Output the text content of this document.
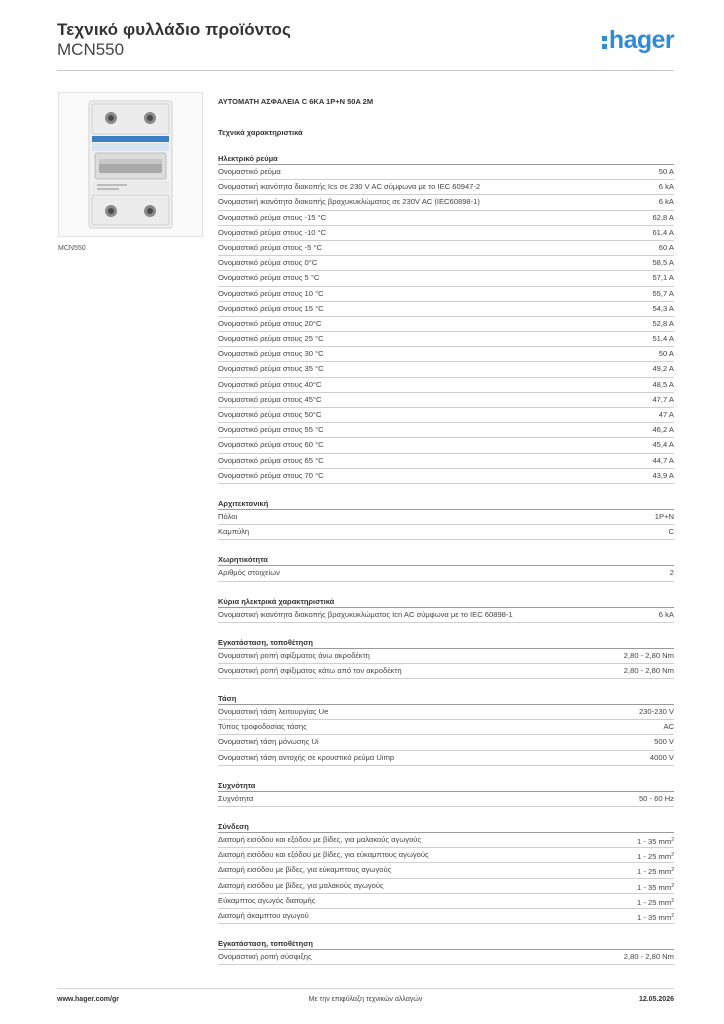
Τεχνικό φυλλάδιο προϊόντος
MCN550	hager
MCN550
ΑΥΤΟΜΑΤΗ ΑΣΦΑΛΕΙΑ C 6KA 1P+N 50A 2M
Τεχνικά χαρακτηριστικά
Ηλεκτρικό ρεύμα
Ονομαστικό ρεύμα	50 A
Ονομαστική ικανότητα διακοπής Ics σε 230 V AC σύμφωνα με το IEC 60947-2	6 kA
Ονομαστική ικανότητα διακοπής βραχυκυκλώματος σε 230V AC (IEC60898-1)	6 kA
Ονομαστικό ρεύμα στους -15 °C	62,8 A
Ονομαστικό ρεύμα στους -10 °C	61,4 A
Ονομαστικό ρεύμα στους -5 °C	60 A
Ονομαστικό ρεύμα στους 0°C	58,5 A
Ονομαστικό ρεύμα στους 5 °C	57,1 A
Ονομαστικό ρεύμα στους 10 °C	55,7 A
Ονομαστικό ρεύμα στους 15 °C	54,3 A
Ονομαστικό ρεύμα στους 20°C	52,8 A
Ονομαστικό ρεύμα στους 25 °C	51,4 A
Ονομαστικό ρεύμα στους 30 °C	50 A
Ονομαστικό ρεύμα στους 35 °C	49,2 A
Ονομαστικό ρεύμα στους 40°C	48,5 A
Ονομαστικό ρεύμα στους 45°C	47,7 A
Ονομαστικό ρεύμα στους 50°C	47 A
Ονομαστικό ρεύμα στους 55 °C	46,2 A
Ονομαστικό ρεύμα στους 60 °C	45,4 A
Ονομαστικό ρεύμα στους 65 °C	44,7 A
Ονομαστικό ρεύμα στους 70 °C	43,9 A
Αρχιτεκτονική
Πόλοι	1P+N
Καμπύλη	C
Χωρητικότητα
Αριθμός στοιχείων	2
Κύρια ηλεκτρικά χαρακτηριστικά
Ονομαστική ικανότητα διακοπής βραχυκυκλώματος Icn AC σύμφωνα με το IEC 60898-1	6 kA
Εγκατάσταση, τοποθέτηση
Ονομαστική ροπή σφίξιματος άνω ακροδέκτη	2,80 - 2,80 Nm
Ονομαστική ροπή σφίξιματος κάτω από τον ακροδέκτη	2,80 - 2,80 Nm
Τάση
Ονομαστική τάση λειτουργίας Ue	230-230 V
Τύπος τροφοδοσίας τάσης	AC
Ονομαστική τάση μόνωσης Ui	500 V
Ονομαστική τάση αντοχής σε κρουστικό ρεύμα Uimp	4000 V
Συχνότητα
Συχνότητα	50 - 60 Hz
Σύνδεση
Διατομή εισόδου και εξόδου με βίδες, για μαλακούς αγωγούς	1 - 35 $mm^2$
Διατομή εισόδου και εξόδου με βίδες, για εύκαμπτους αγωγούς	1 - 25 $mm^2$
Διατομή εισόδου με βίδες, για εύκαμπτους αγωγούς	1 - 25 $mm^2$
Διατομή εισόδου με βίδες, για μαλακούς αγωγούς	1 - 35 $mm^2$
Εύκαμπτος αγωγός διατομής	1 - 25 $mm^2$
Διατομή άκαμπτου αγωγού	1 - 35 $mm^2$
Εγκατάσταση, τοποθέτηση
Ονομαστική ροπή σύσφιξης	2,80 - 2,80 Nm
www.hager.com/gr	Με την επιφύλαξη τεχνικών αλλαγών	12.05.2026
